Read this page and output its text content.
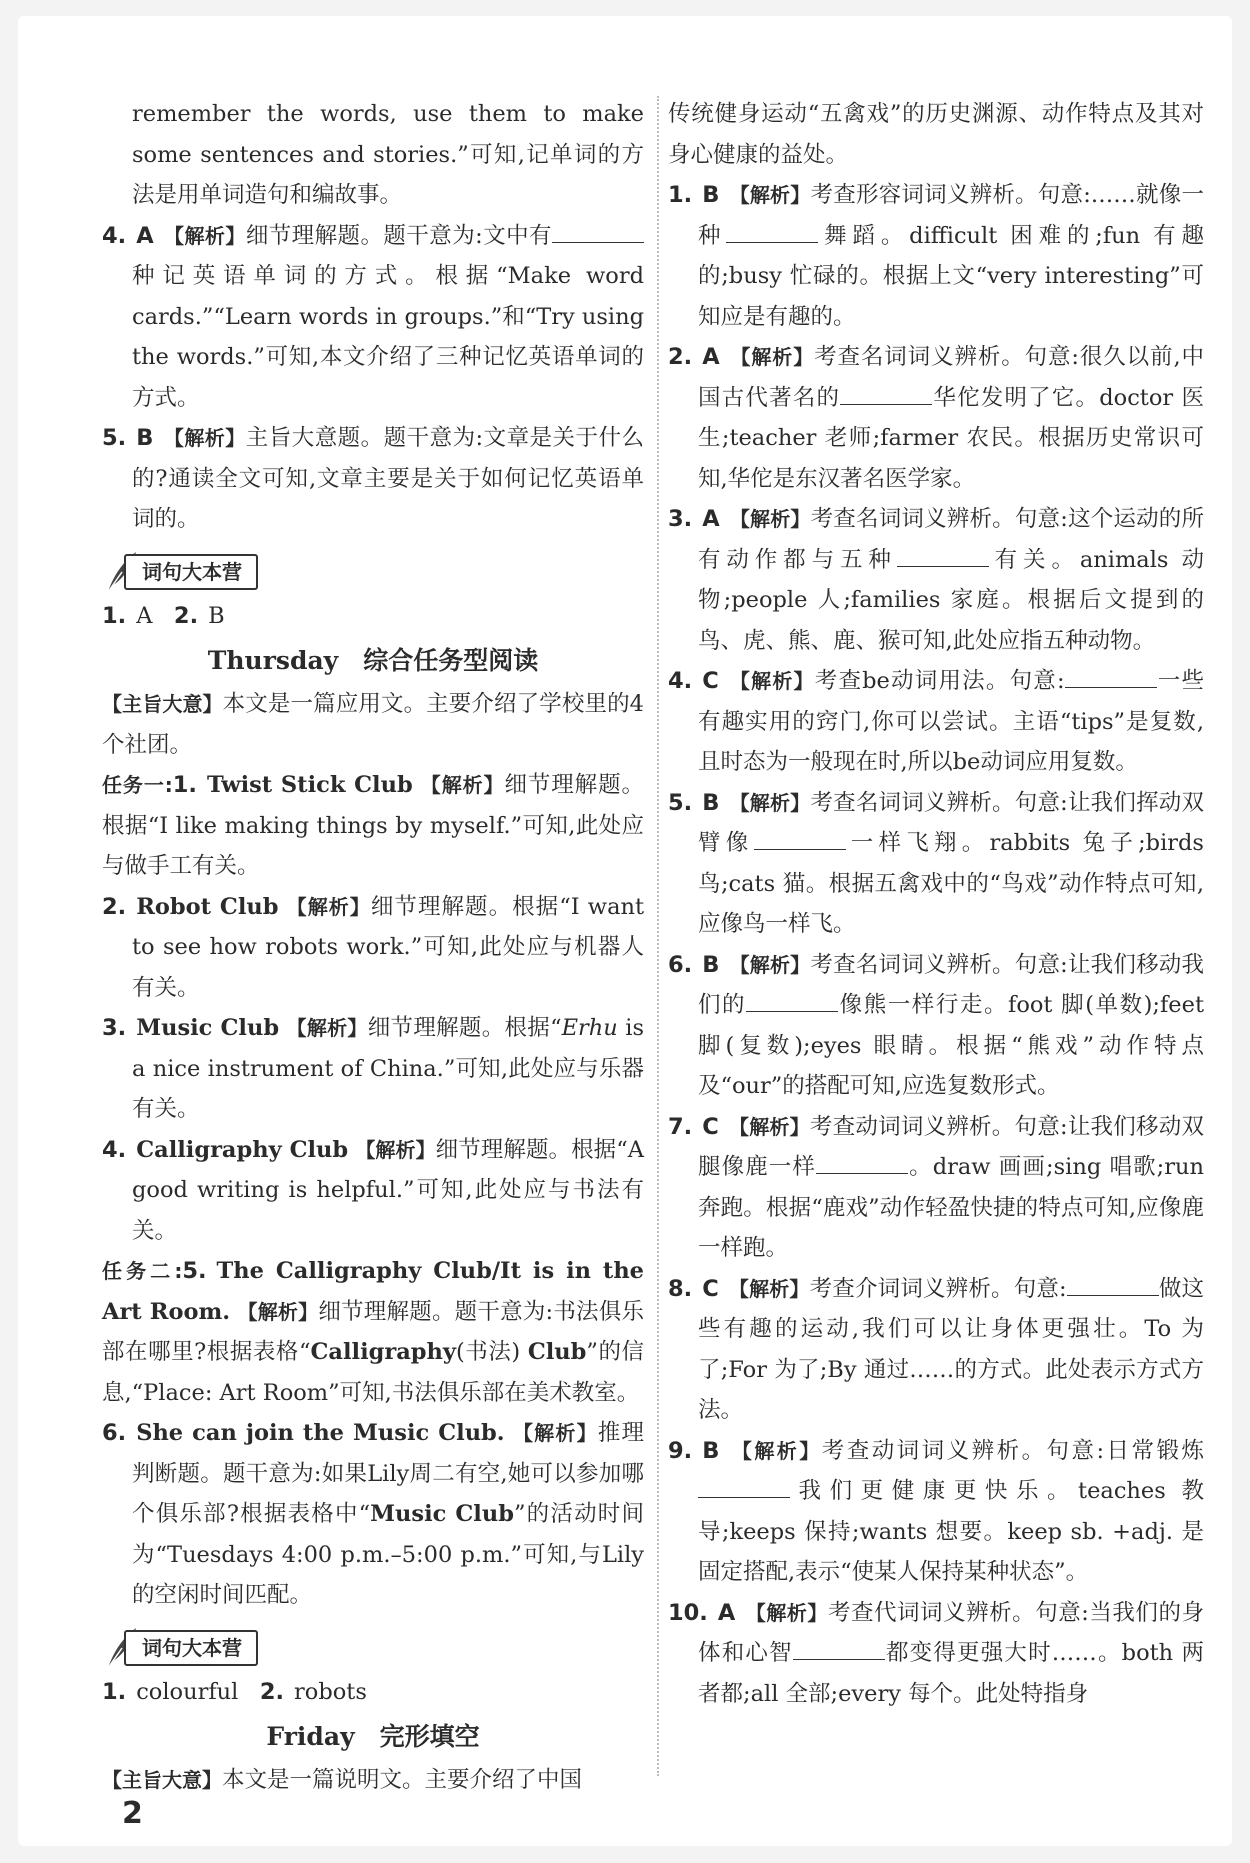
remember the words, use them to make some sentences and stories.”可知,记单词的方法是用单词造句和编故事。
4. A 【解析】细节理解题。题干意为:文中有种记英语单词的方式。根据“Make word cards.”“Learn words in groups.”和“Try using the words.”可知,本文介绍了三种记忆英语单词的方式。
5. B 【解析】主旨大意题。题干意为:文章是关于什么的?通读全文可知,文章主要是关于如何记忆英语单词的。
词句大本营
1. A 2. B
Thursday　综合任务型阅读
【主旨大意】本文是一篇应用文。主要介绍了学校里的4个社团。
任务一:1. Twist Stick Club 【解析】细节理解题。根据“I like making things by myself.”可知,此处应与做手工有关。
2. Robot Club 【解析】细节理解题。根据“I want to see how robots work.”可知,此处应与机器人有关。
3. Music Club 【解析】细节理解题。根据“Erhu is a nice instrument of China.”可知,此处应与乐器有关。
4. Calligraphy Club 【解析】细节理解题。根据“A good writing is helpful.”可知,此处应与书法有关。
任务二:5. The Calligraphy Club/It is in the Art Room. 【解析】细节理解题。题干意为:书法俱乐部在哪里?根据表格“Calligraphy(书法) Club”的信息,“Place: Art Room”可知,书法俱乐部在美术教室。
6. She can join the Music Club. 【解析】推理判断题。题干意为:如果Lily周二有空,她可以参加哪个俱乐部?根据表格中“Music Club”的活动时间为“Tuesdays 4:00 p.m.–5:00 p.m.”可知,与Lily的空闲时间匹配。
词句大本营
1. colourful 2. robots
Friday　完形填空
【主旨大意】本文是一篇说明文。主要介绍了中国
传统健身运动“五禽戏”的历史渊源、动作特点及其对身心健康的益处。
1. B 【解析】考查形容词词义辨析。句意:……就像一种	舞蹈。difficult 困难的;fun 有趣的;busy 忙碌的。根据上文“very interesting”可知应是有趣的。
2. A 【解析】考查名词词义辨析。句意:很久以前,中国古代著名的	华佗发明了它。doctor 医生;teacher 老师;farmer 农民。根据历史常识可知,华佗是东汉著名医学家。
3. A 【解析】考查名词词义辨析。句意:这个运动的所有动作都与五种	有关。animals 动物;people 人;families 家庭。根据后文提到的鸟、虎、熊、鹿、猴可知,此处应指五种动物。
4. C 【解析】考查be动词用法。句意:	一些有趣实用的窍门,你可以尝试。主语“tips”是复数,且时态为一般现在时,所以be动词应用复数。
5. B 【解析】考查名词词义辨析。句意:让我们挥动双臂像	一样飞翔。rabbits 兔子;birds 鸟;cats 猫。根据五禽戏中的“鸟戏”动作特点可知,应像鸟一样飞。
6. B 【解析】考查名词词义辨析。句意:让我们移动我们的	像熊一样行走。foot 脚(单数);feet 脚(复数);eyes 眼睛。根据“熊戏”动作特点及“our”的搭配可知,应选复数形式。
7. C 【解析】考查动词词义辨析。句意:让我们移动双腿像鹿一样	。draw 画画;sing 唱歌;run 奔跑。根据“鹿戏”动作轻盈快捷的特点可知,应像鹿一样跑。
8. C 【解析】考查介词词义辨析。句意:	做这些有趣的运动,我们可以让身体更强壮。To 为了;For 为了;By 通过……的方式。此处表示方式方法。
9. B 【解析】考查动词词义辨析。句意:日常锻炼我们更健康更快乐。teaches 教导;keeps 保持;wants 想要。keep sb. +adj. 是固定搭配,表示“使某人保持某种状态”。
10. A 【解析】考查代词词义辨析。句意:当我们的身体和心智	都变得更强大时……。both 两者都;all 全部;every 每个。此处特指身
2
